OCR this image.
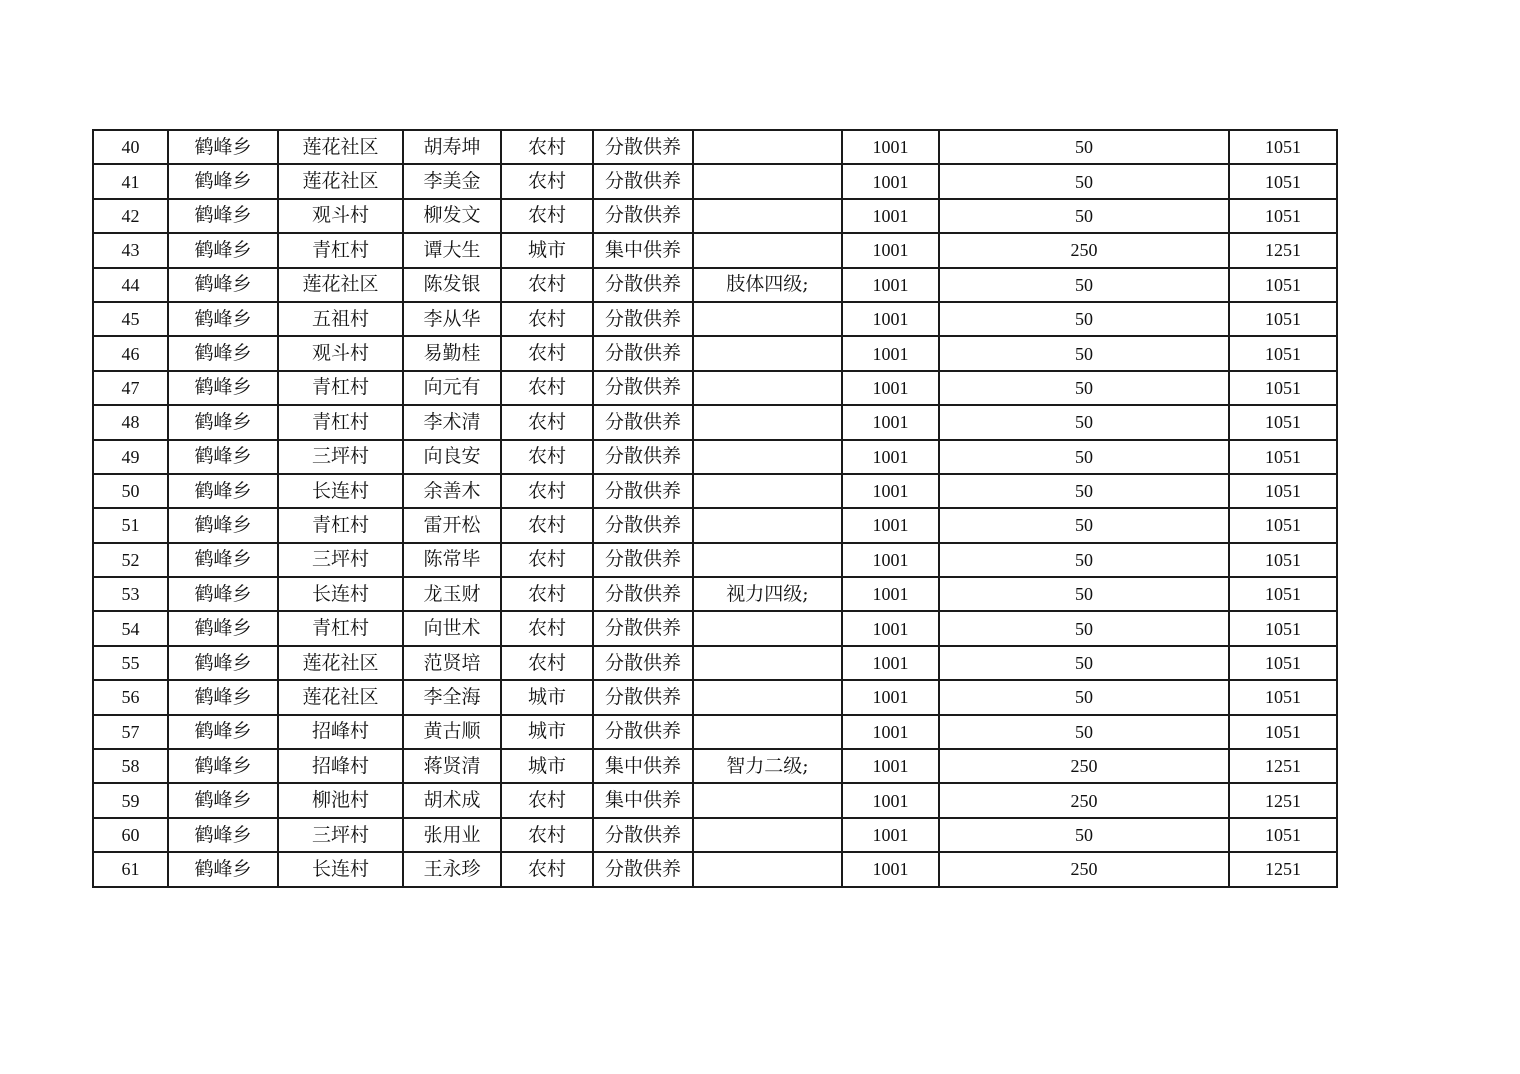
40	鹤峰乡	莲花社区	胡寿坤	农村	分散供养		1001	50	1051
41	鹤峰乡	莲花社区	李美金	农村	分散供养		1001	50	1051
42	鹤峰乡	观斗村	柳发文	农村	分散供养		1001	50	1051
43	鹤峰乡	青杠村	谭大生	城市	集中供养		1001	250	1251
44	鹤峰乡	莲花社区	陈发银	农村	分散供养	肢体四级;	1001	50	1051
45	鹤峰乡	五祖村	李从华	农村	分散供养		1001	50	1051
46	鹤峰乡	观斗村	易勤桂	农村	分散供养		1001	50	1051
47	鹤峰乡	青杠村	向元有	农村	分散供养		1001	50	1051
48	鹤峰乡	青杠村	李术清	农村	分散供养		1001	50	1051
49	鹤峰乡	三坪村	向良安	农村	分散供养		1001	50	1051
50	鹤峰乡	长连村	余善木	农村	分散供养		1001	50	1051
51	鹤峰乡	青杠村	雷开松	农村	分散供养		1001	50	1051
52	鹤峰乡	三坪村	陈常毕	农村	分散供养		1001	50	1051
53	鹤峰乡	长连村	龙玉财	农村	分散供养	视力四级;	1001	50	1051
54	鹤峰乡	青杠村	向世术	农村	分散供养		1001	50	1051
55	鹤峰乡	莲花社区	范贤培	农村	分散供养		1001	50	1051
56	鹤峰乡	莲花社区	李全海	城市	分散供养		1001	50	1051
57	鹤峰乡	招峰村	黄古顺	城市	分散供养		1001	50	1051
58	鹤峰乡	招峰村	蒋贤清	城市	集中供养	智力二级;	1001	250	1251
59	鹤峰乡	柳池村	胡术成	农村	集中供养		1001	250	1251
60	鹤峰乡	三坪村	张用业	农村	分散供养		1001	50	1051
61	鹤峰乡	长连村	王永珍	农村	分散供养		1001	250	1251
